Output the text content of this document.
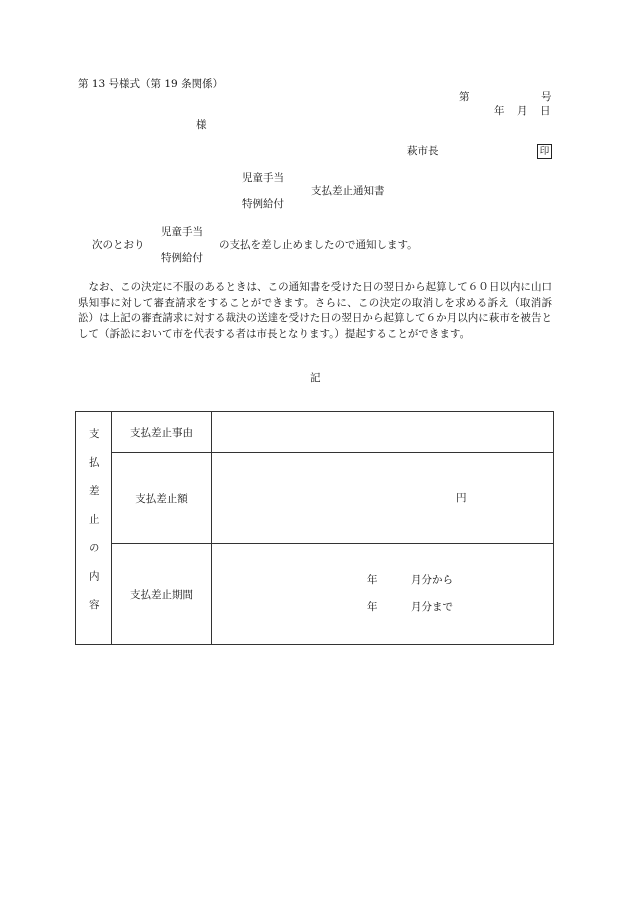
第 13 号様式（第 19 条関係）
第	号
年 月 日
様
萩市長	印
児童手当
支払差止通知書
特例給付
児童手当
次のとおり	の支払を差し止めましたので通知します。
特例給付
なお、この決定に不服のあるときは、この通知書を受けた日の翌日から起算して６０日以内に山口県知事に対して審査請求をすることができます。さらに、この決定の取消しを求める訴え（取消訴訟）は上記の審査請求に対する裁決の送達を受けた日の翌日から起算して６か月以内に萩市を被告として（訴訟において市を代表する者は市長となります。）提起することができます。
記
支払差止の内容	支払差止事由	
	支払差止額	円

	支払差止期間	年 月分から
年 月分まで
